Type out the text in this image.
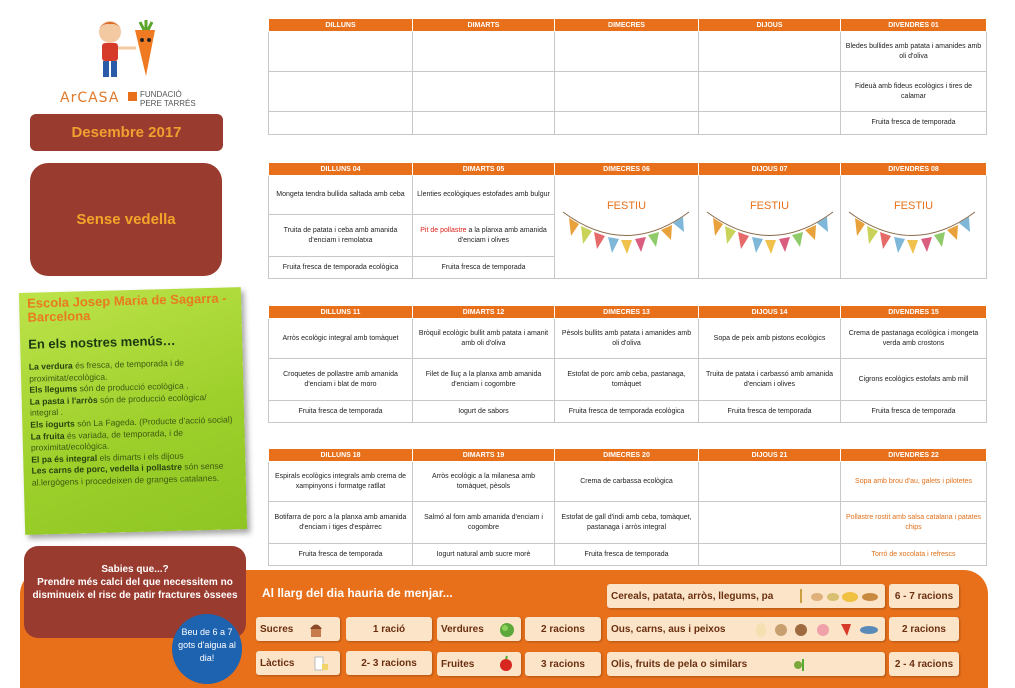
ArCASA	FUNDACIÓ
PERE TARRÉS
Desembre 2017
Sense vedella
Escola Josep Maria de Sagarra - Barcelona
En els nostres menús…

La verdura és fresca, de temporada i de proximitat/ecològica.

Els llegums són de producció ecològica .

La pasta i l'arròs són de producció ecològica/ integral .

Els iogurts són La Fageda. (Producte d'acció social)

La fruita és variada, de temporada, i de proximitat/ecològica.

El pa és integral els dimarts i els dijous

Les carns de porc, vedella i pollastre són sense al.lergògens i procedeixen de granges catalanes.

DILLUNS	DIMARTS	DIMECRES	DIJOUS	DIVENDRES 01
				Bledes bullides amb patata i amanides amb oli d'oliva
				Fideuà amb fideus ecològics i tires de calamar
				Fruita fresca de temporada
DILLUNS 04	DIMARTS 05	DIMECRES 06	DIJOUS 07	DIVENDRES 08
Mongeta tendra bullida saltada amb ceba	Llenties ecològiques estofades amb bulgur	FESTIU	FESTIU	FESTIU

Truita de patata i ceba amb amanida d'enciam i remolatxa	Pit de pollastre a la planxa amb amanida d'enciam i olives			
Fruita fresca de temporada ecològica	Fruita fresca de temporada			
DILLUNS 11	DIMARTS 12	DIMECRES 13	DIJOUS 14	DIVENDRES 15
Arròs ecològic integral amb tomàquet	Bròquil ecològic bullit amb patata i amanit amb oli d'oliva	Pèsols bullits amb patata i amanides amb oli d'oliva	Sopa de peix amb pistons ecològics	Crema de pastanaga ecològica i mongeta verda amb crostons
Croquetes de pollastre amb amanida d'enciam i blat de moro	Filet de lluç a la planxa amb amanida d'enciam i cogombre	Estofat de porc amb ceba, pastanaga, tomàquet	Truita de patata i carbassó amb amanida d'enciam i olives	Cigrons ecològics estofats amb mill
Fruita fresca de temporada	Iogurt de sabors	Fruita fresca de temporada ecològica	Fruita fresca de temporada	Fruita fresca de temporada
DILLUNS 18	DIMARTS 19	DIMECRES 20	DIJOUS 21	DIVENDRES 22
Espirals ecològics integrals amb crema de xampinyons i formatge ratllat	Arròs ecològic a la milanesa amb tomàquet, pèsols	Crema de carbassa ecològica		Sopa amb brou d'au, galets i pilotetes
Botifarra de porc a la planxa amb amanida d'enciam i tiges d'espàrrec	Salmó al forn amb amanida d'enciam i cogombre	Estofat de gall d'indi amb ceba, tomàquet, pastanaga i arròs integral		Pollastre rostit amb salsa catalana i patates chips
Fruita fresca de temporada	Iogurt natural amb sucre morè	Fruita fresca de temporada		Torró de xocolata i refrescs
Al llarg del dia hauria de menjar...
Sabies que...?
Prendre més calci del que necessitem no disminueix el risc de patir fractures òssees
Beu de 6 a 7
gots d'aigua al
dia!
Sucres	1 ració
Làctics	2- 3 racions
Verdures	2 racions
Fruites	3 racions
Cereals, patata, arròs, llegums, pa	6 - 7 racions
Ous, carns, aus i peixos	2 racions
Olis, fruits de pela o similars	2 - 4 racions
